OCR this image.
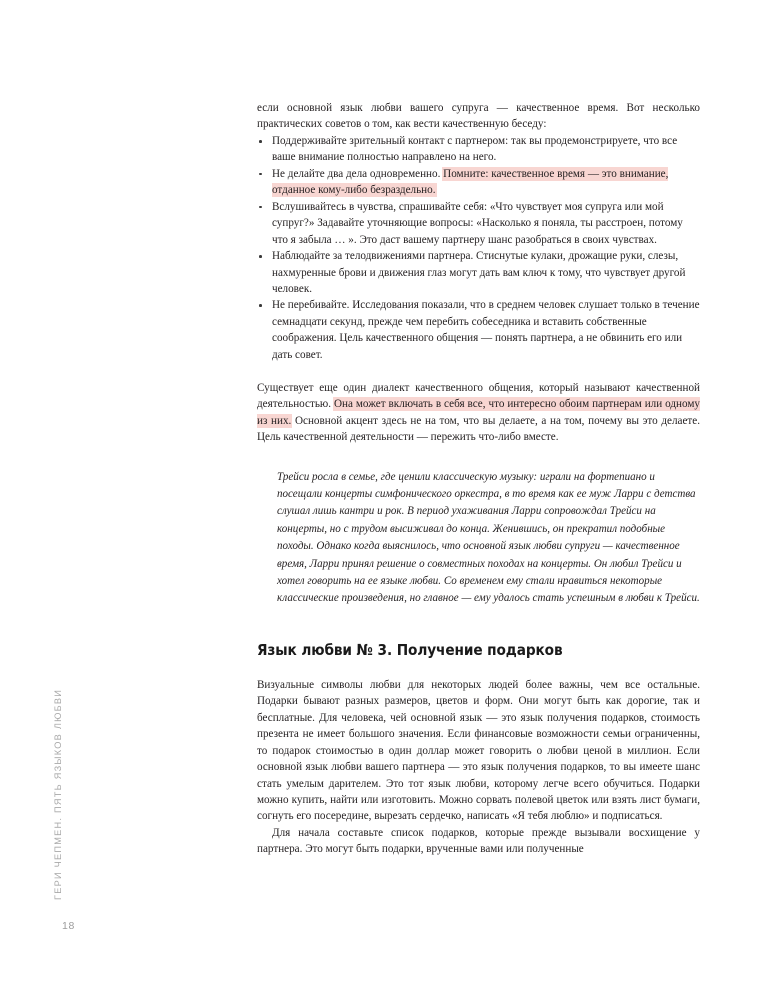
ГЕРИ ЧЕПМЕН. ПЯТЬ ЯЗЫКОВ ЛЮБВИ
18

если основной язык любви вашего супруга — качественное время. Вот несколько практических советов о том, как вести качественную беседу:

Поддерживайте зрительный контакт с партнером: так вы продемонстрируете, что все ваше внимание полностью направлено на него.
Не делайте два дела одновременно. Помните: качественное время — это внимание, отданное кому-либо безраздельно.
Вслушивайтесь в чувства, спрашивайте себя: «Что чувствует моя супруга или мой супруг?» Задавайте уточняющие вопросы: «Насколько я поняла, ты расстроен, потому что я забыла … ». Это даст вашему партнеру шанс разобраться в своих чувствах.
Наблюдайте за телодвижениями партнера. Стиснутые кулаки, дрожащие руки, слезы, нахмуренные брови и движения глаз могут дать вам ключ к тому, что чувствует другой человек.
Не перебивайте. Исследования показали, что в среднем человек слушает только в течение семнадцати секунд, прежде чем перебить собеседника и вставить собственные соображения. Цель качественного общения — понять партнера, а не обвинить его или дать совет.

Существует еще один диалект качественного общения, который называют качественной деятельностью. Она может включать в себя все, что интересно обоим партнерам или одному из них. Основной акцент здесь не на том, что вы делаете, а на том, почему вы это делаете. Цель качественной деятельности — пережить что-либо вместе.

Трейси росла в семье, где ценили классическую музыку: играли на фортепиано и посещали концерты симфонического оркестра, в то время как ее муж Ларри с детства слушал лишь кантри и рок. В период ухаживания Ларри сопровождал Трейси на концерты, но с трудом высиживал до конца. Женившись, он прекратил подобные походы. Однако когда выяснилось, что основной язык любви супруги — качественное время, Ларри принял решение о совместных походах на концерты. Он любил Трейси и хотел говорить на ее языке любви. Со временем ему стали нравиться некоторые классические произведения, но главное — ему удалось стать успешным в любви к Трейси.

Язык любви № 3. Получение подарков

Визуальные символы любви для некоторых людей более важны, чем все остальные. Подарки бывают разных размеров, цветов и форм. Они могут быть как дорогие, так и бесплатные. Для человека, чей основной язык — это язык получения подарков, стоимость презента не имеет большого значения. Если финансовые возможности семьи ограниченны, то подарок стоимостью в один доллар может говорить о любви ценой в миллион. Если основной язык любви вашего партнера — это язык получения подарков, то вы имеете шанс стать умелым дарителем. Это тот язык любви, которому легче всего обучиться. Подарки можно купить, найти или изготовить. Можно сорвать полевой цветок или взять лист бумаги, согнуть его посередине, вырезать сердечко, написать «Я тебя люблю» и подписаться.

Для начала составьте список подарков, которые прежде вызывали восхищение у партнера. Это могут быть подарки, врученные вами или полученные
